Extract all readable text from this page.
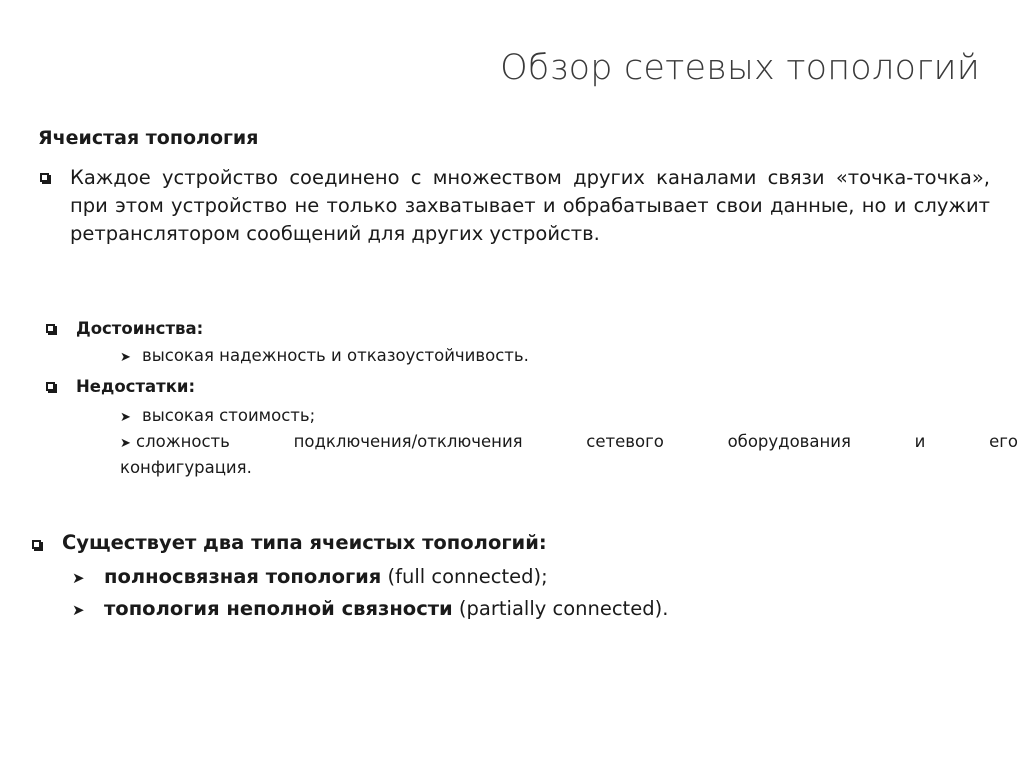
Обзор сетевых топологий
Ячеистая топология
Каждое устройство соединено с множеством других каналами связи «точка-точка», при этом устройство не только захватывает и обрабатывает свои данные, но и служит ретранслятором сообщений для других устройств.
Достоинства:
➤ высокая надежность и отказоустойчивость.
Недостатки:
➤ высокая стоимость;
➤ сложность	подключения/отключения	сетевого	оборудования	и	его
конфигурация.
Существует два типа ячеистых топологий:
➤ полносвязная топология (full connected);
➤ топология неполной связности (partially connected).
